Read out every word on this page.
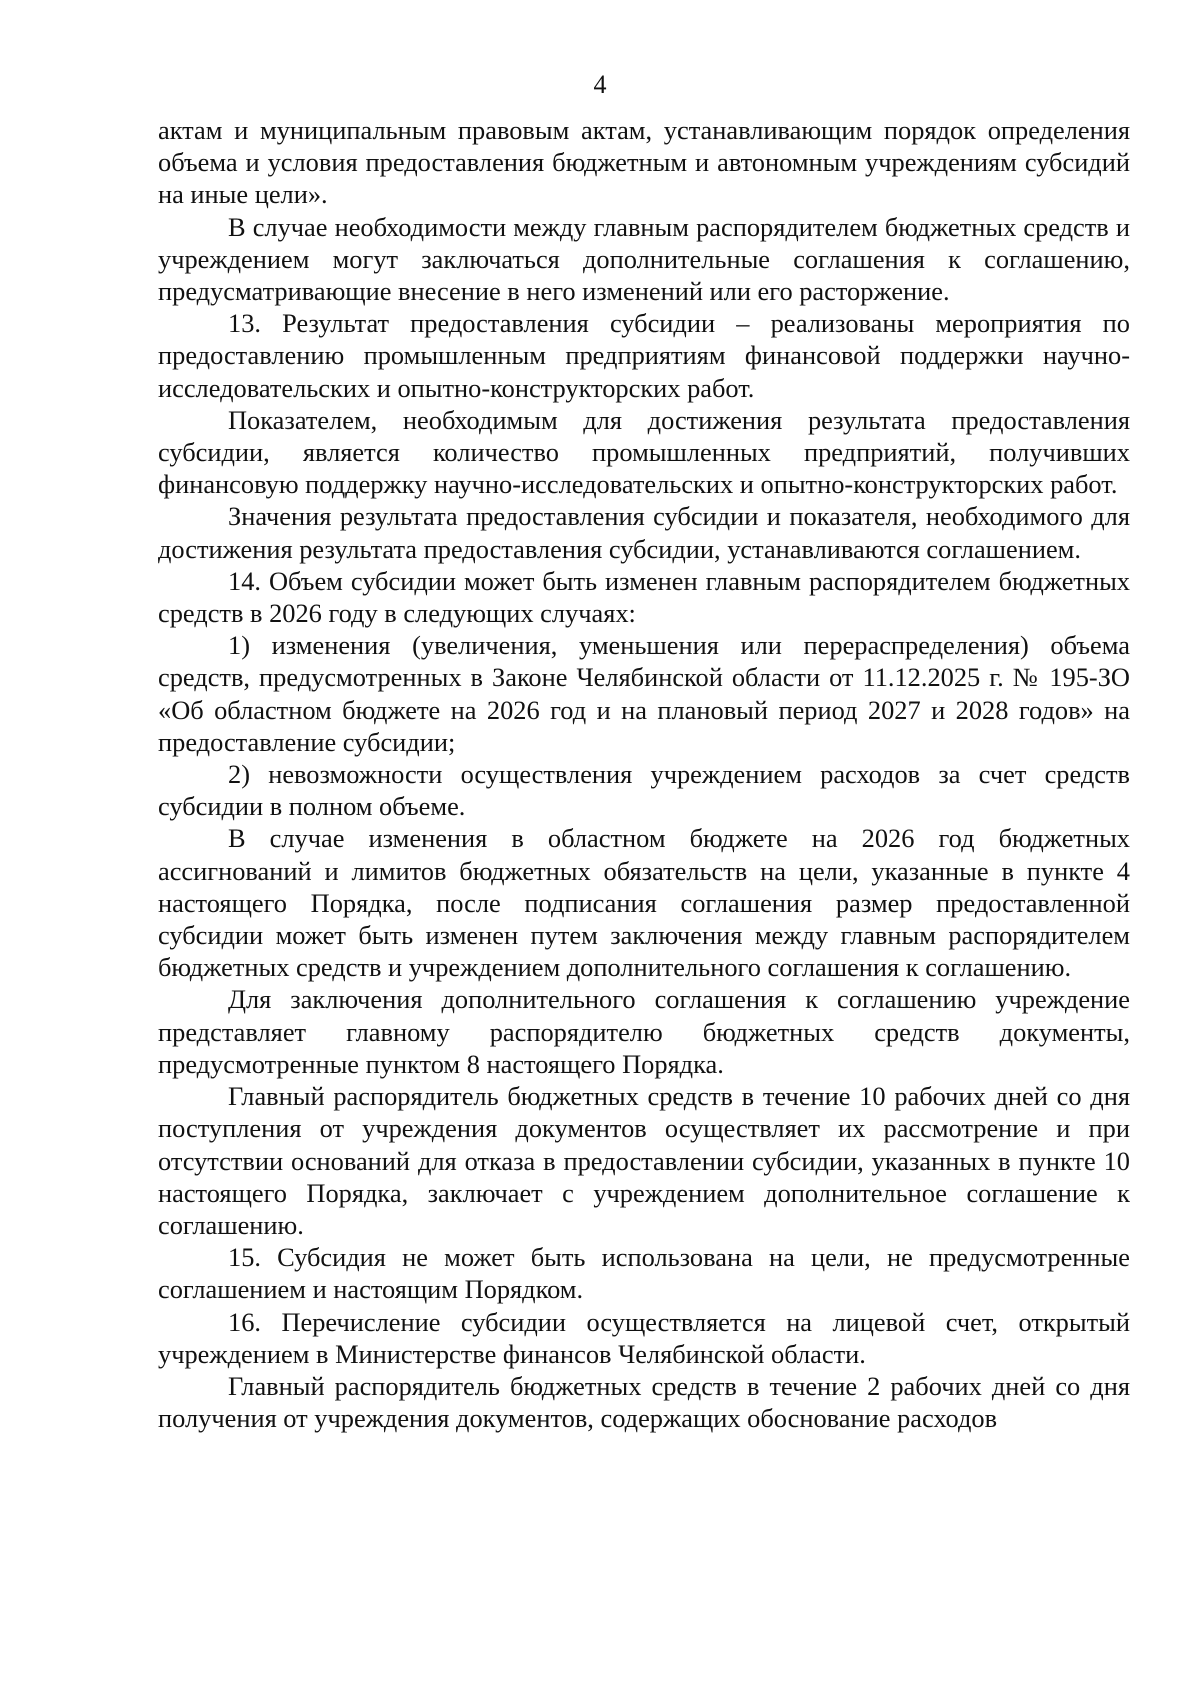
4

актам и муниципальным правовым актам, устанавливающим порядок определения объема и условия предоставления бюджетным и автономным учреждениям субсидий на иные цели».

В случае необходимости между главным распорядителем бюджетных средств и учреждением могут заключаться дополнительные соглашения к соглашению, предусматривающие внесение в него изменений или его расторжение.

13. Результат предоставления субсидии – реализованы мероприятия по предоставлению промышленным предприятиям финансовой поддержки научно-исследовательских и опытно-конструкторских работ.

Показателем, необходимым для достижения результата предоставления субсидии, является количество промышленных предприятий, получивших финансовую поддержку научно-исследовательских и опытно-конструкторских работ.

Значения результата предоставления субсидии и показателя, необходимого для достижения результата предоставления субсидии, устанавливаются соглашением.

14. Объем субсидии может быть изменен главным распорядителем бюджетных средств в 2026 году в следующих случаях:

1) изменения (увеличения, уменьшения или перераспределения) объема средств, предусмотренных в Законе Челябинской области от 11.12.2025 г. № 195-ЗО «Об областном бюджете на 2026 год и на плановый период 2027 и 2028 годов» на предоставление субсидии;

2) невозможности осуществления учреждением расходов за счет средств субсидии в полном объеме.

В случае изменения в областном бюджете на 2026 год бюджетных ассигнований и лимитов бюджетных обязательств на цели, указанные в пункте 4 настоящего Порядка, после подписания соглашения размер предоставленной субсидии может быть изменен путем заключения между главным распорядителем бюджетных средств и учреждением дополнительного соглашения к соглашению.

Для заключения дополнительного соглашения к соглашению учреждение представляет главному распорядителю бюджетных средств документы, предусмотренные пунктом 8 настоящего Порядка.

Главный распорядитель бюджетных средств в течение 10 рабочих дней со дня поступления от учреждения документов осуществляет их рассмотрение и при отсутствии оснований для отказа в предоставлении субсидии, указанных в пункте 10 настоящего Порядка, заключает с учреждением дополнительное соглашение к соглашению.

15. Субсидия не может быть использована на цели, не предусмотренные соглашением и настоящим Порядком.

16. Перечисление субсидии осуществляется на лицевой счет, открытый учреждением в Министерстве финансов Челябинской области.

Главный распорядитель бюджетных средств в течение 2 рабочих дней со дня получения от учреждения документов, содержащих обоснование расходов
